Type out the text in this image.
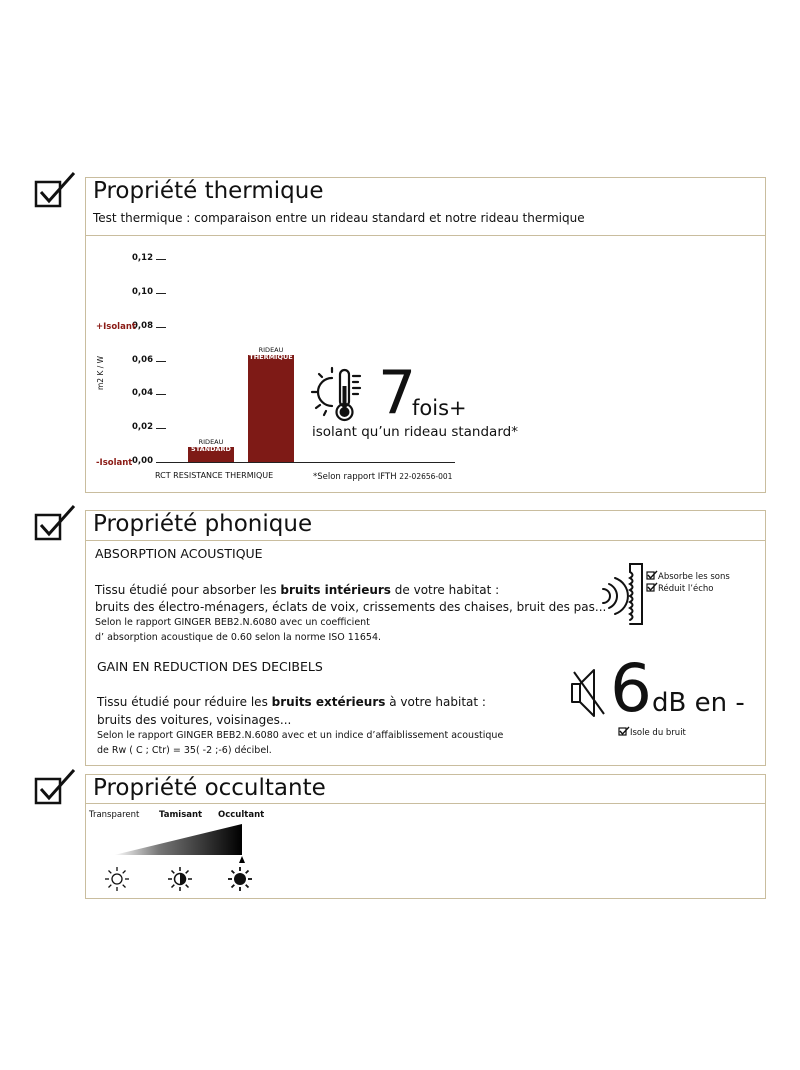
Propriété thermique
Test thermique : comparaison entre un rideau standard et notre rideau thermique
0,00
0,02
0,04
0,06
0,08
0,10
0,12
RIDEAU
STANDARD
RIDEAU
THERMIQUE
m2 K / W
+Isolant
-Isolant
RCT RESISTANCE THERMIQUE
7
fois+
isolant qu’un rideau standard*
*Selon rapport IFTH 22-02656-001
Propriété phonique
ABSORPTION ACOUSTIQUE
Tissu étudié pour absorber les bruits intérieurs de votre habitat :
bruits des électro-ménagers, éclats de voix, crissements des chaises, bruit des pas...
Selon le rapport GINGER BEB2.N.6080 avec un coefficient
d’ absorption acoustique de 0.60 selon la norme ISO 11654.
Absorbe les sons
Réduit l’écho
GAIN EN REDUCTION DES DECIBELS
Tissu étudié pour réduire les bruits extérieurs à votre habitat :
bruits des voitures, voisinages...
Selon le rapport GINGER BEB2.N.6080 avec et un indice d’affaiblissement acoustique
de Rw ( C ; Ctr) = 35( -2 ;-6) décibel.
6 dB en -
Isole du bruit
Propriété occultante
Transparent Tamisant Occultant
